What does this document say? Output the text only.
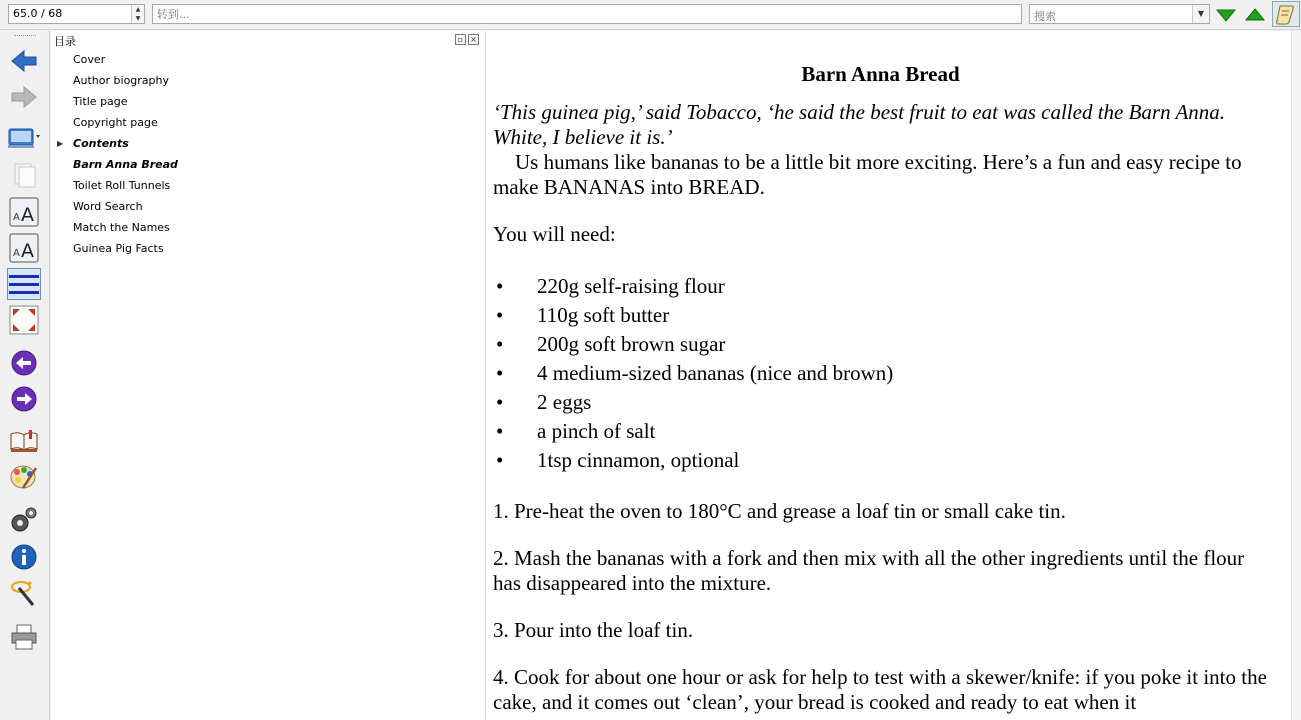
65.0 / 68	▲
▼
转到...
搜索
▼
A A
A A
目录	▫ ×
Cover
Author biography
Title page
Copyright page
▶ Contents
Barn Anna Bread
Toilet Roll Tunnels
Word Search
Match the Names
Guinea Pig Facts
Barn Anna Bread

‘This guinea pig,’ said Tobacco, ‘he said the best fruit to eat was called the Barn Anna. White, I believe it is.’

Us humans like bananas to be a little bit more exciting. Here’s a fun and easy recipe to make BANANAS into BREAD.

You will need:

• 220g self-raising flour
• 110g soft butter
• 200g soft brown sugar
• 4 medium-sized bananas (nice and brown)
• 2 eggs
• a pinch of salt
• 1tsp cinnamon, optional

1. Pre-heat the oven to 180°C and grease a loaf tin or small cake tin.

2. Mash the bananas with a fork and then mix with all the other ingredients until the flour has disappeared into the mixture.

3. Pour into the loaf tin.

4. Cook for about one hour or ask for help to test with a skewer/knife: if you poke it into the cake, and it comes out ‘clean’, your bread is cooked and ready to eat when it
